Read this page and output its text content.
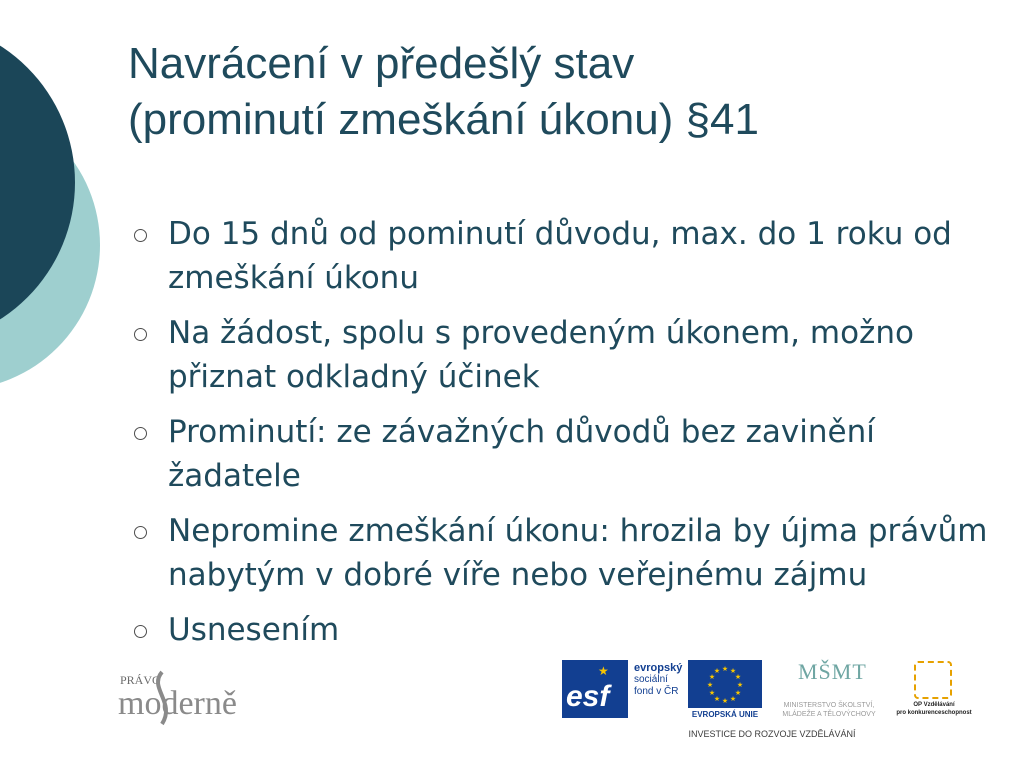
Navrácení v předešlý stav
(prominutí zmeškání úkonu) §41
Do 15 dnů od pominutí důvodu, max. do 1 roku od zmeškání úkonu
Na žádost, spolu s provedeným úkonem, možno přiznat odkladný účinek
Prominutí: ze závažných důvodů bez zavinění žadatele
Nepromine zmeškání úkonu: hrozila by újma právům nabytým v dobré víře nebo veřejnému zájmu
Usnesením
PRÁVO
moderně
★
esf
evropský
sociální
fond v ČR
★ ★
★
★
★
★
★
★
★
★
★
★
EVROPSKÁ UNIE
MŠMT
MINISTERSTVO ŠKOLSTVÍ,
MLÁDEŽE A TĚLOVÝCHOVY
OP Vzdělávání
pro konkurenceschopnost
INVESTICE DO ROZVOJE VZDĚLÁVÁNÍ
